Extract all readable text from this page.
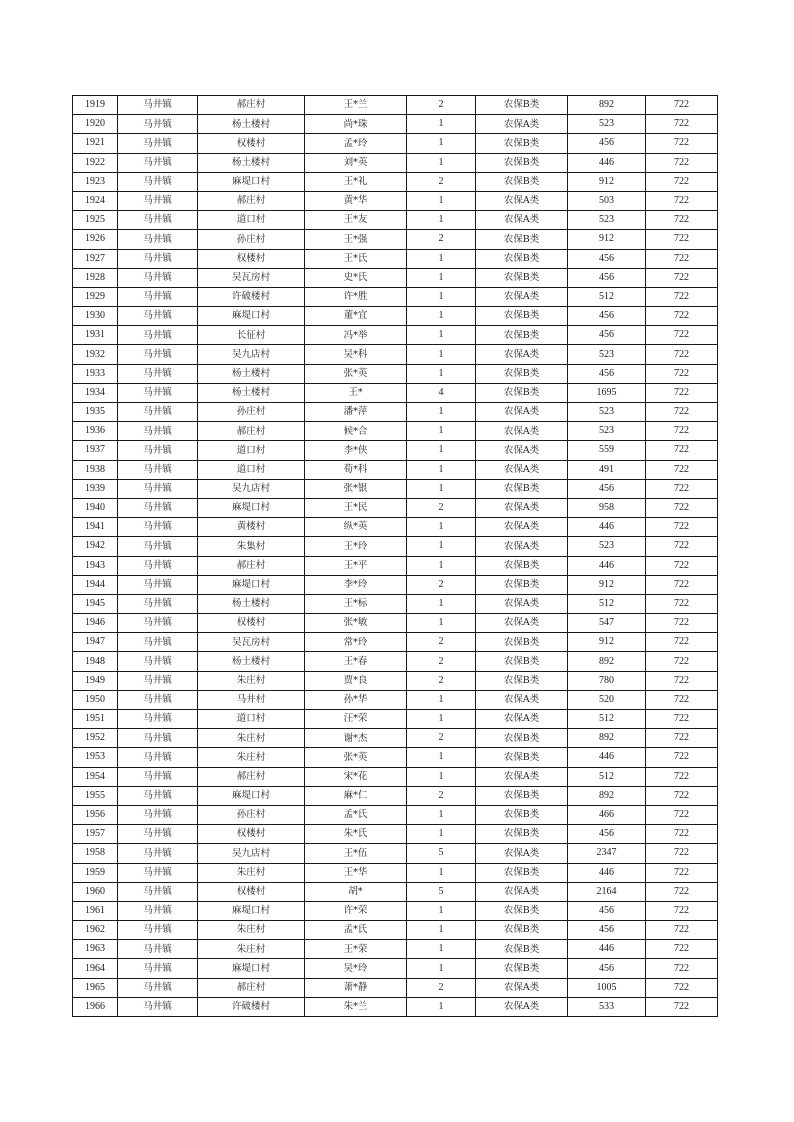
1919	马井镇	郝庄村	王*兰	2	农保B类	892	722
1920	马井镇	杨土楼村	尚*珠	1	农保A类	523	722
1921	马井镇	权楼村	孟*玲	1	农保B类	456	722
1922	马井镇	杨土楼村	刘*英	1	农保B类	446	722
1923	马井镇	麻堤口村	王*礼	2	农保B类	912	722
1924	马井镇	郝庄村	黄*华	1	农保A类	503	722
1925	马井镇	道口村	王*友	1	农保A类	523	722
1926	马井镇	孙庄村	王*强	2	农保B类	912	722
1927	马井镇	权楼村	王*氏	1	农保B类	456	722
1928	马井镇	吴瓦房村	史*氏	1	农保B类	456	722
1929	马井镇	许破楼村	许*胜	1	农保A类	512	722
1930	马井镇	麻堤口村	董*宜	1	农保B类	456	722
1931	马井镇	长征村	冯*举	1	农保B类	456	722
1932	马井镇	吴九店村	吴*科	1	农保A类	523	722
1933	马井镇	杨土楼村	张*英	1	农保B类	456	722
1934	马井镇	杨土楼村	王*	4	农保B类	1695	722
1935	马井镇	孙庄村	潘*萍	1	农保A类	523	722
1936	马井镇	郝庄村	候*合	1	农保A类	523	722
1937	马井镇	道口村	李*侠	1	农保A类	559	722
1938	马井镇	道口村	荀*科	1	农保A类	491	722
1939	马井镇	吴九店村	张*银	1	农保B类	456	722
1940	马井镇	麻堤口村	王*民	2	农保A类	958	722
1941	马井镇	黄楼村	纵*英	1	农保A类	446	722
1942	马井镇	朱集村	王*玲	1	农保A类	523	722
1943	马井镇	郝庄村	王*平	1	农保B类	446	722
1944	马井镇	麻堤口村	李*玲	2	农保B类	912	722
1945	马井镇	杨土楼村	王*标	1	农保A类	512	722
1946	马井镇	权楼村	张*敏	1	农保A类	547	722
1947	马井镇	吴瓦房村	常*玲	2	农保B类	912	722
1948	马井镇	杨土楼村	王*春	2	农保B类	892	722
1949	马井镇	朱庄村	贾*良	2	农保B类	780	722
1950	马井镇	马井村	孙*华	1	农保A类	520	722
1951	马井镇	道口村	汪*荣	1	农保A类	512	722
1952	马井镇	朱庄村	谢*杰	2	农保B类	892	722
1953	马井镇	朱庄村	张*英	1	农保B类	446	722
1954	马井镇	郝庄村	宋*花	1	农保A类	512	722
1955	马井镇	麻堤口村	麻*仁	2	农保B类	892	722
1956	马井镇	孙庄村	孟*氏	1	农保B类	466	722
1957	马井镇	权楼村	朱*氏	1	农保B类	456	722
1958	马井镇	吴九店村	王*伍	5	农保A类	2347	722
1959	马井镇	朱庄村	王*华	1	农保B类	446	722
1960	马井镇	权楼村	胡*	5	农保A类	2164	722
1961	马井镇	麻堤口村	许*荣	1	农保B类	456	722
1962	马井镇	朱庄村	孟*氏	1	农保B类	456	722
1963	马井镇	朱庄村	王*荣	1	农保B类	446	722
1964	马井镇	麻堤口村	吴*玲	1	农保B类	456	722
1965	马井镇	郝庄村	萧*静	2	农保A类	1005	722
1966	马井镇	许破楼村	朱*兰	1	农保A类	533	722
